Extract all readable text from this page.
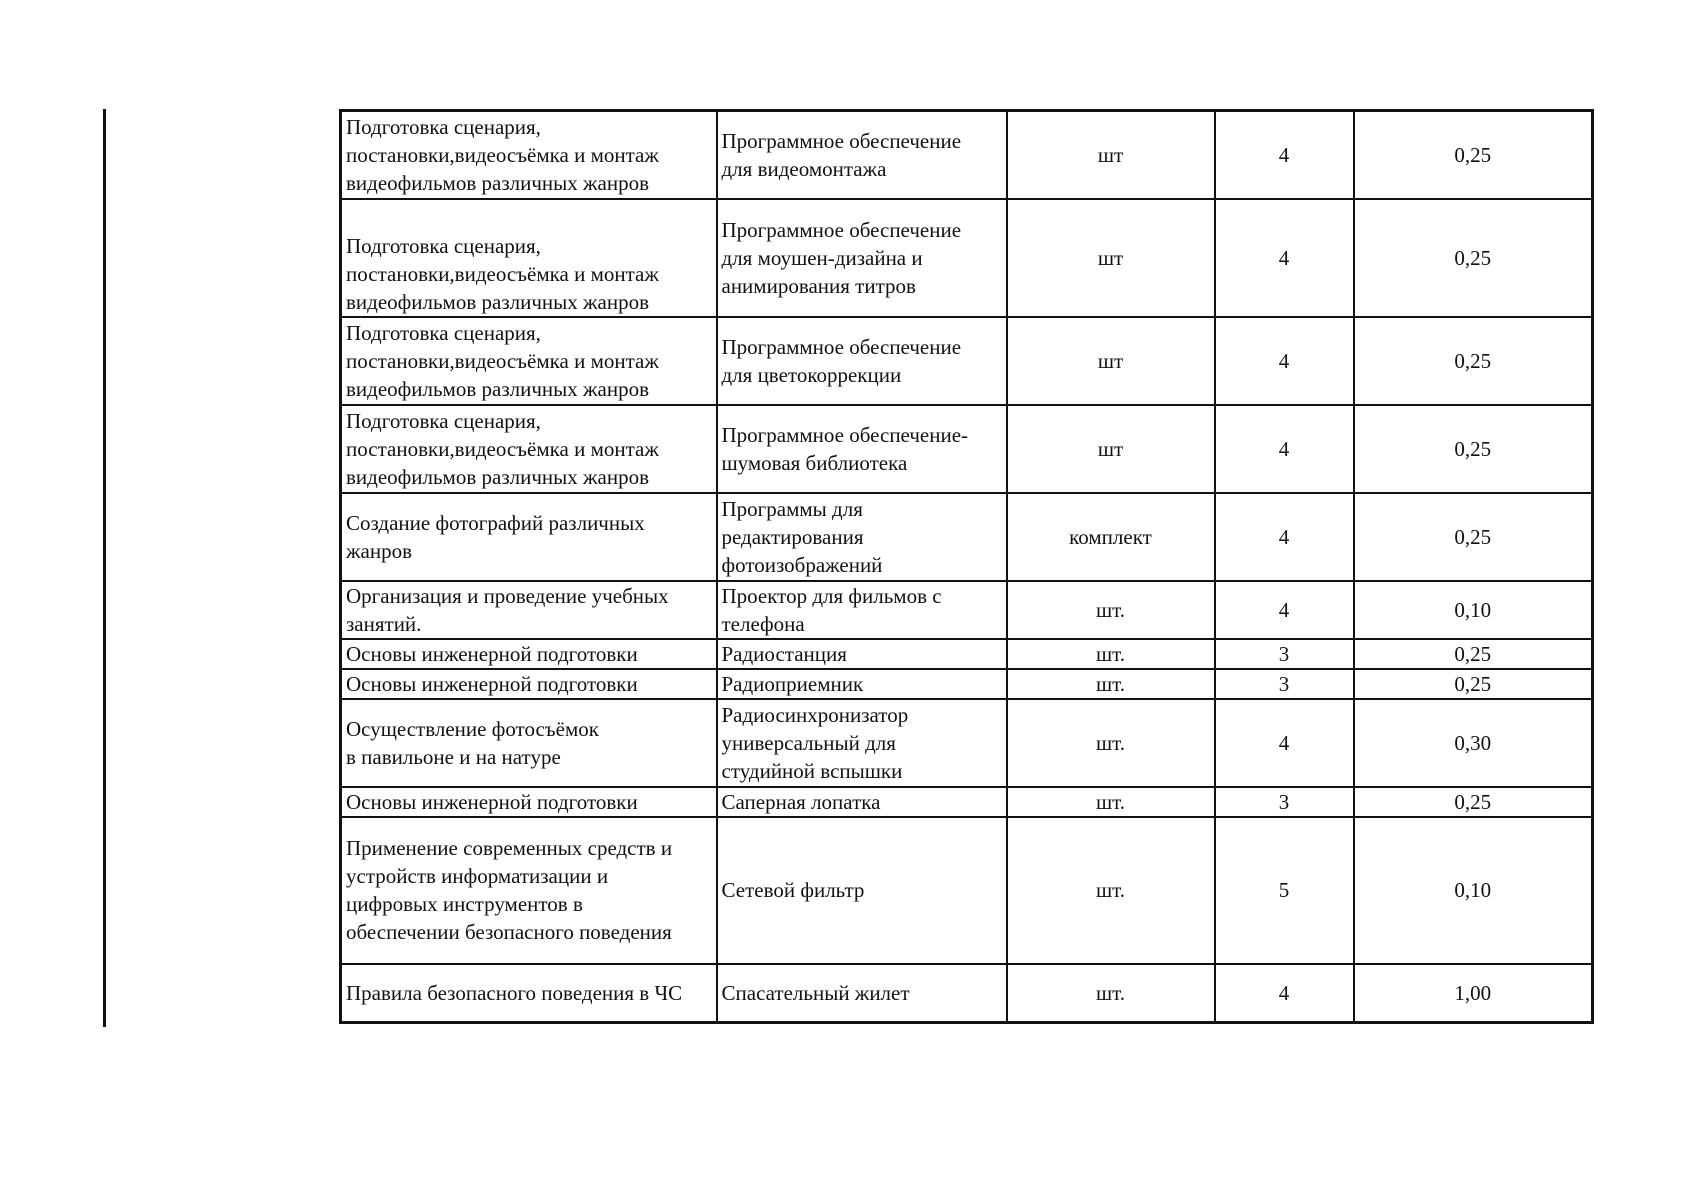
Подготовка сценария,
постановки,видеосъёмка и монтаж
видеофильмов различных жанров	Программное обеспечение
для видеомонтажа	шт	4	0,25
Подготовка сценария,
постановки,видеосъёмка и монтаж
видеофильмов различных жанров	Программное обеспечение
для моушен-дизайна и
анимирования титров	шт	4	0,25
Подготовка сценария,
постановки,видеосъёмка и монтаж
видеофильмов различных жанров	Программное обеспечение
для цветокоррекции	шт	4	0,25
Подготовка сценария,
постановки,видеосъёмка и монтаж
видеофильмов различных жанров	Программное обеспечение-
шумовая библиотека	шт	4	0,25
Создание фотографий различных
жанров	Программы для
редактирования
фотоизображений	комплект	4	0,25
Организация и проведение учебных
занятий.	Проектор для фильмов с
телефона	шт.	4	0,10
Основы инженерной подготовки	Радиостанция	шт.	3	0,25
Основы инженерной подготовки	Радиоприемник	шт.	3	0,25
Осуществление фотосъёмок
в павильоне и на натуре	Радиосинхронизатор
универсальный для
студийной вспышки	шт.	4	0,30
Основы инженерной подготовки	Саперная лопатка	шт.	3	0,25
Применение современных средств и
устройств информатизации и
цифровых инструментов в
обеспечении безопасного поведения	Сетевой фильтр	шт.	5	0,10
Правила безопасного поведения в ЧС	Спасательный жилет	шт.	4	1,00
